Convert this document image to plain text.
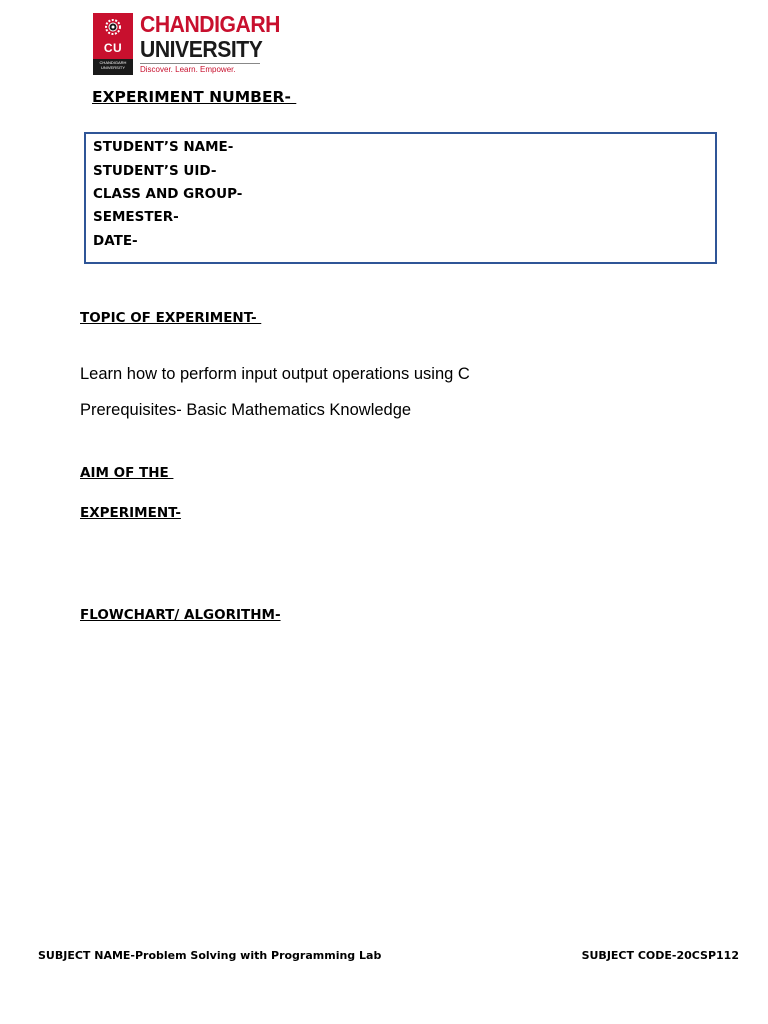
CU
CHANDIGARH UNIVERSITY
CHANDIGARH
UNIVERSITY
Discover. Learn. Empower.
EXPERIMENT NUMBER-
STUDENT’S NAME-
STUDENT’S UID-
CLASS AND GROUP-
SEMESTER-
DATE-
TOPIC OF EXPERIMENT-
Learn how to perform input output operations using C
Prerequisites- Basic Mathematics Knowledge
AIM OF THE
EXPERIMENT-
FLOWCHART/ ALGORITHM-
SUBJECT NAME-Problem Solving with Programming Lab	SUBJECT CODE-20CSP112
